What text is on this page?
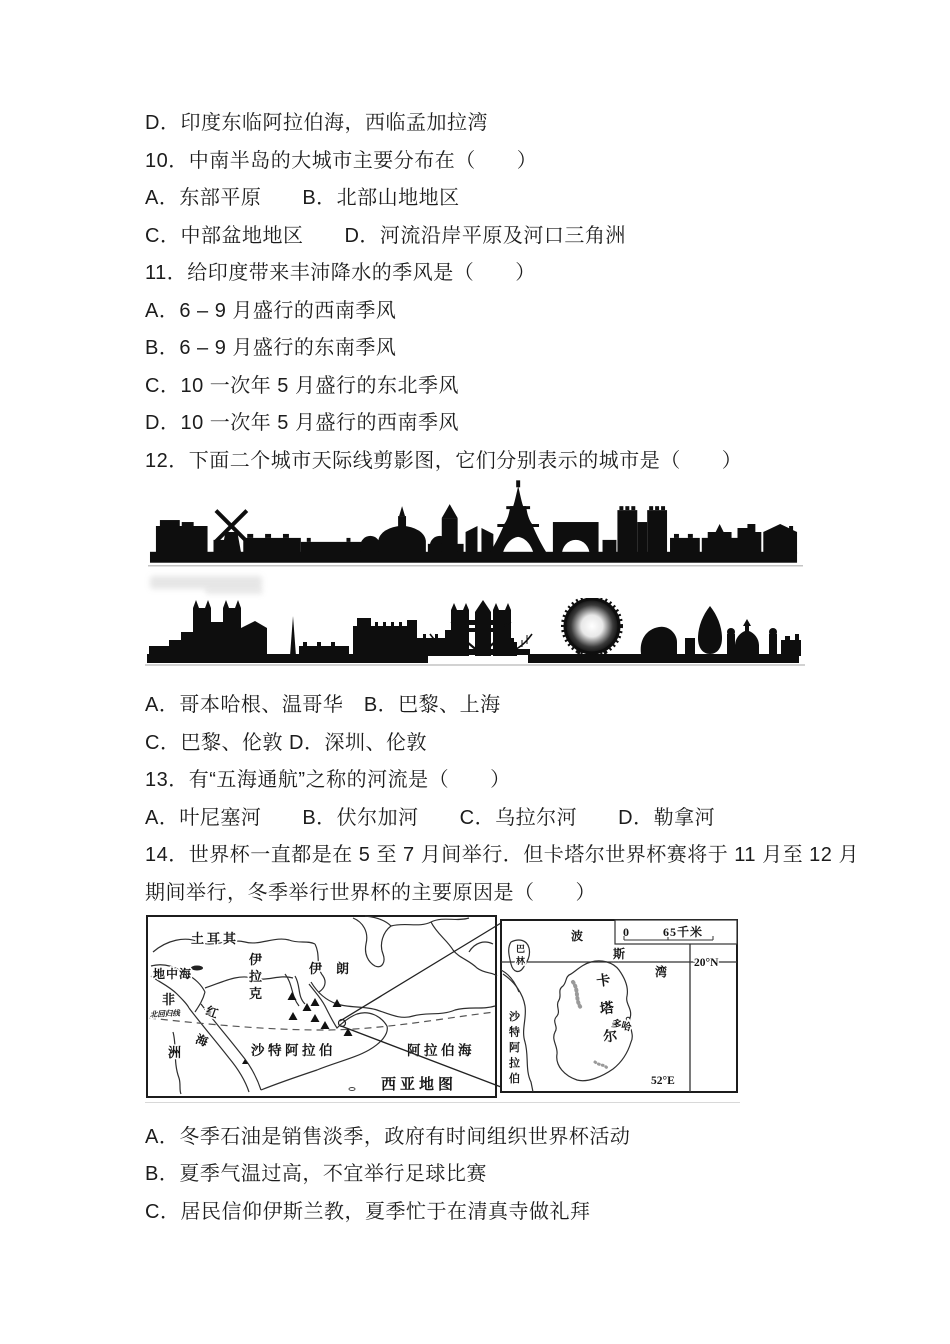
D．印度东临阿拉伯海，西临孟加拉湾

10．中南半岛的大城市主要分布在（　　）

A．东部平原　　B．北部山地地区

C．中部盆地地区　　D．河流沿岸平原及河口三角洲

11．给印度带来丰沛降水的季风是（　　）

A．6 – 9 月盛行的西南季风

B．6 – 9 月盛行的东南季风

C．10 一次年 5 月盛行的东北季风

D．10 一次年 5 月盛行的西南季风

12．下面二个城市天际线剪影图，它们分别表示的城市是（　　）

A．哥本哈根、温哥华　B．巴黎、上海

C．巴黎、伦敦 D．深圳、伦敦

13．有“五海通航”之称的河流是（　　）

A．叶尼塞河　　B．伏尔加河　　C．乌拉尔河　　D．勒拿河

14．世界杯一直都是在 5 至 7 月间举行．但卡塔尔世界杯赛将于 11 月至 12 月

期间举行，冬季举行世界杯的主要原因是（　　）

土耳其
地中海
伊拉克
伊朗
非
洲
北回归线	红海
沙特阿拉伯	阿拉伯海
西亚地图
0	65千米
波
斯
湾
巴林
沙特阿拉伯
卡塔尔
多哈
20°N
52°E

A．冬季石油是销售淡季，政府有时间组织世界杯活动

B．夏季气温过高，不宜举行足球比赛

C．居民信仰伊斯兰教，夏季忙于在清真寺做礼拜
